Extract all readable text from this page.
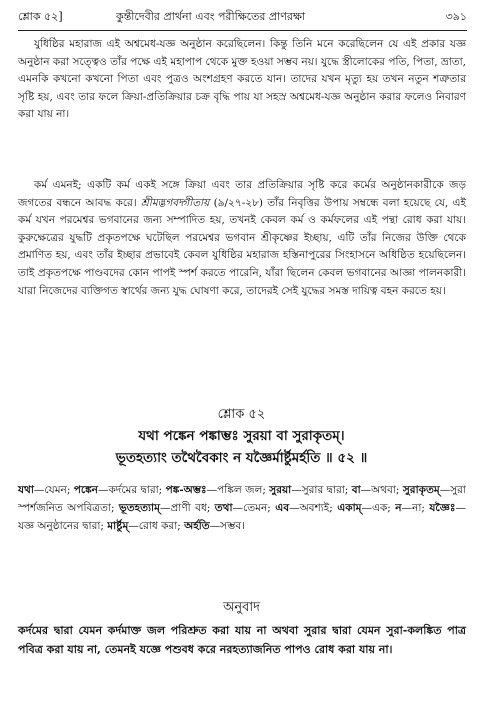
শ্লোক ৫২]	কুন্তীদেবীর প্রার্থনা এবং পরীক্ষিতের প্রাণরক্ষা	৩৯১

যুধিষ্ঠির মহারাজ এই অশ্বমেধ-যজ্ঞ অনুষ্ঠান করেছিলেন। কিন্তু তিনি মনে করেছিলেন যে এই প্রকার যজ্ঞ অনুষ্ঠান করা সত্ত্বেও তাঁর পক্ষে এই মহাপাপ থেকে মুক্ত হওয়া সম্ভব নয়। যুদ্ধে স্ত্রীলোকের পতি, পিতা, ভ্রাতা, এমনকি কখনো কখনো পিতা এবং পুত্রও অংশগ্রহণ করতে যান। তাদের যখন মৃত্যু হয় তখন নতুন শত্রুতার সৃষ্টি হয়, এবং তার ফলে ক্রিয়া-প্রতিক্রিয়ার চক্র বৃদ্ধি পায় যা সহস্র অশ্বমেধ-যজ্ঞ অনুষ্ঠান করার ফলেও নিবারণ করা যায় না।

কর্ম এমনই; একটি কর্ম একই সঙ্গে ক্রিয়া এবং তার প্রতিক্রিয়ার সৃষ্টি করে কর্মের অনুষ্ঠানকারীকে জড় জগতের বন্ধনে আবদ্ধ করে। শ্রীমদ্ভগবদ্গীতায় (৯/২৭-২৮) তাঁর নিবৃত্তির উপায় সম্বন্ধে বলা হয়েছে যে, এই কর্ম যখন পরমেশ্বর ভগবানের জন্য সম্পাদিত হয়, তখনই কেবল কর্ম ও কর্মফলের এই পন্থা রোধ করা যায়। কুরুক্ষেত্রের যুদ্ধটি প্রকৃতপক্ষে ঘটেছিল পরমেশ্বর ভগবান শ্রীকৃষ্ণের ইচ্ছায়, এটি তাঁর নিজের উক্তি থেকে প্রমাণিত হয়, এবং তাঁর ইচ্ছার প্রভাবেই কেবল যুধিষ্ঠির মহারাজ হস্তিনাপুরের সিংহাসনে অধিষ্ঠিত হয়েছিলেন। তাই প্রকৃতপক্ষে পাণ্ডবদের কোন পাপই স্পর্শ করতে পারেনি, যাঁরা ছিলেন কেবল ভগবানের আজ্ঞা পালনকারী। যারা নিজেদের ব্যক্তিগত স্বার্থের জন্য যুদ্ধ ঘোষণা করে, তাদেরই সেই যুদ্ধের সমস্ত দায়িত্ব বহন করতে হয়।

শ্লোক ৫২
যথা পঙ্কেন পঙ্কাম্ভঃ সুরয়া বা সুরাকৃতম্।
ভূতহত্যাং তথৈবৈকাং ন যজ্ঞৈর্মাৰ্ষ্টুমর্হতি ॥ ৫২ ॥

যথা—যেমন; পঙ্কেন—কর্দমের দ্বারা; পঙ্ক-অম্ভঃ—পঙ্কিল জল; সুরয়া—সুরার দ্বারা; বা—অথবা; সুরাকৃতম্—সুরা স্পর্শজনিত অপবিত্রতা; ভূতহত্যাম্—প্রাণী বধ; তথা—তেমন; এব—অবশ্যই; একাম্—এক; ন—না; যজ্ঞৈঃ—যজ্ঞ অনুষ্ঠানের দ্বারা; মাৰ্ষ্টুম্—রোধ করা; অর্হতি—সম্ভব।

অনুবাদ

কর্দমের দ্বারা যেমন কর্দমাক্ত জল পরিশ্রুত করা যায় না অথবা সুরার দ্বারা যেমন সুরা-কলঙ্কিত পাত্র পবিত্র করা যায় না, তেমনই যজ্ঞে পশুবধ করে নরহত্যাজনিত পাপও রোধ করা যায় না।
